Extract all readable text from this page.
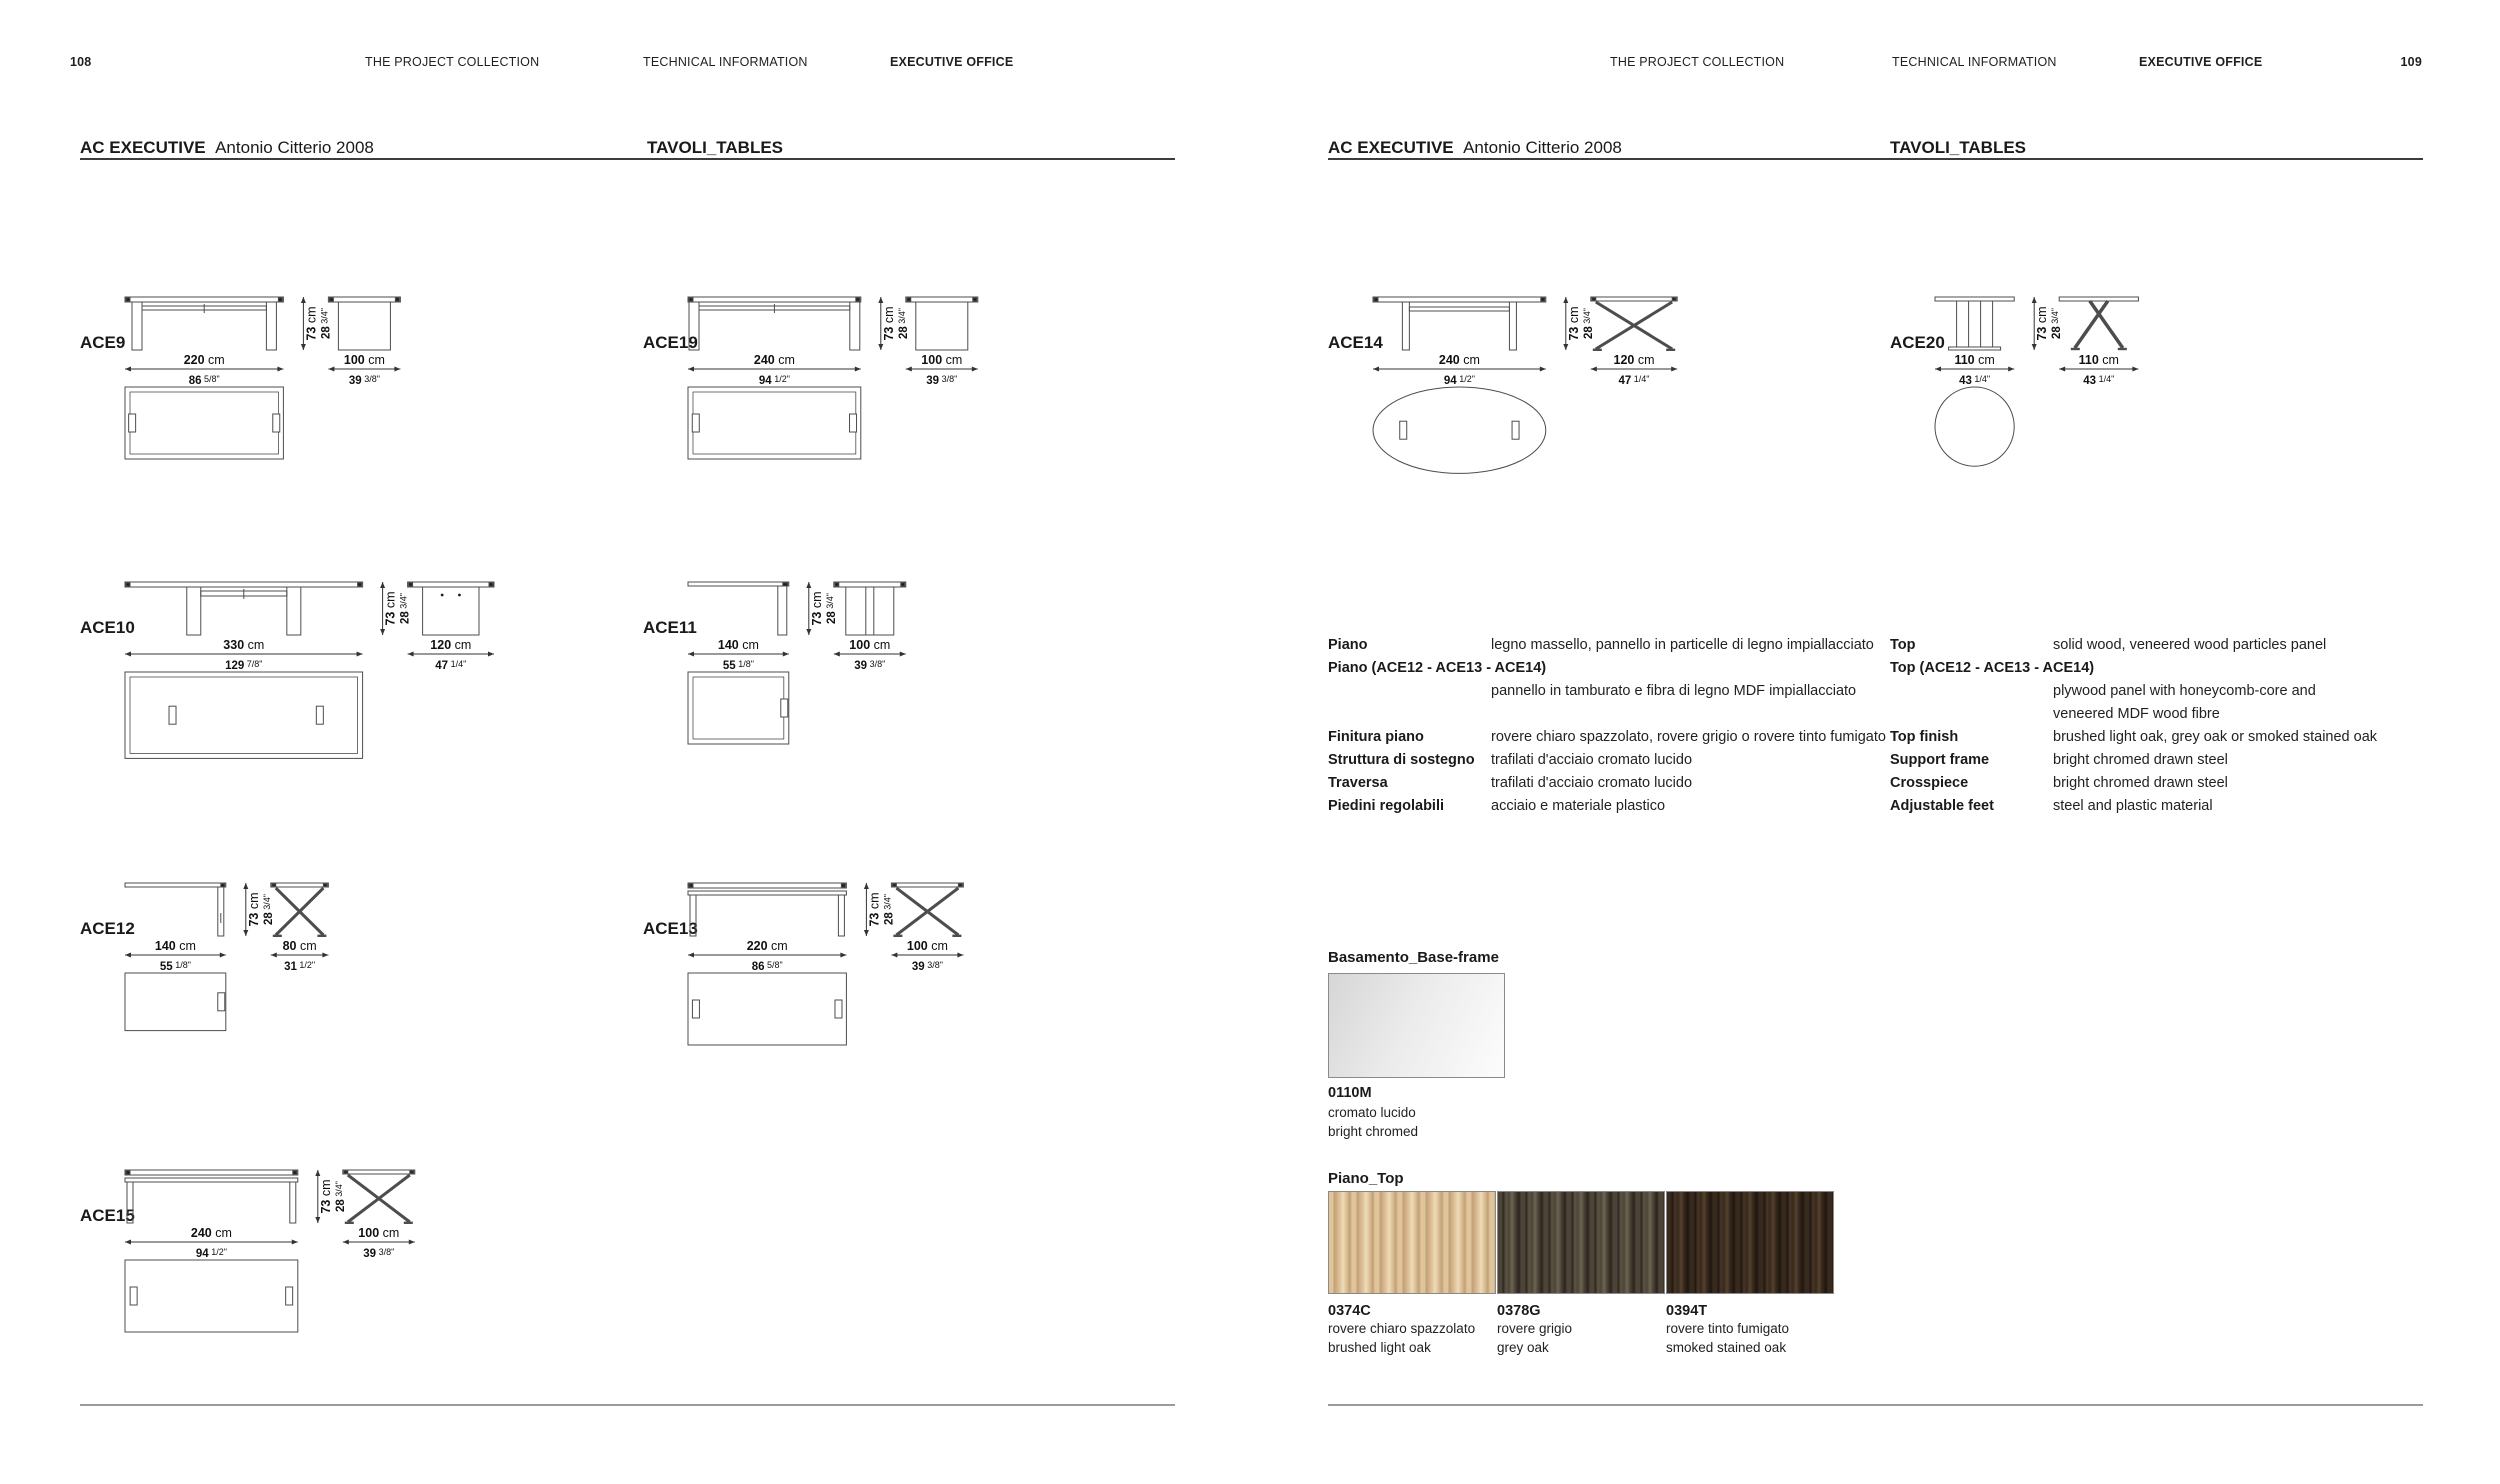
108	THE PROJECT COLLECTION	TECHNICAL INFORMATION	EXECUTIVE OFFICE	THE PROJECT COLLECTION	TECHNICAL INFORMATION	EXECUTIVE OFFICE	109
AC EXECUTIVE Antonio Citterio 2008	TAVOLI_TABLES	AC EXECUTIVE Antonio Citterio 2008	TAVOLI_TABLES
ACE9	73 cm
28 3/4"
220 cm
86 5/8"
100 cm
39 3/8"
ACE19	73 cm
28 3/4"
240 cm
94 1/2"
100 cm
39 3/8"
ACE10	73 cm
28 3/4"
330 cm
129 7/8"
120 cm
47 1/4"
ACE11	73 cm
28 3/4"
140 cm
55 1/8"
100 cm
39 3/8"
ACE12	73 cm
28 3/4"
140 cm
55 1/8"
80 cm
31 1/2"
ACE13	73 cm
28 3/4"
220 cm
86 5/8"
100 cm
39 3/8"
ACE15	73 cm
28 3/4"
240 cm
94 1/2"
100 cm
39 3/8"
ACE14	73 cm
28 3/4"
240 cm
94 1/2"
120 cm
47 1/4"
ACE20	73 cm
28 3/4"
110 cm
43 1/4"
110 cm
43 1/4"
Piano	legno massello, pannello in particelle di legno impiallacciato
Piano (ACE12 - ACE13 - ACE14)
pannello in tamburato e fibra di legno MDF impiallacciato
Finitura piano	rovere chiaro spazzolato, rovere grigio o rovere tinto fumigato
Struttura di sostegno trafilati d'acciaio cromato lucido
Traversa	trafilati d'acciaio cromato lucido
Piedini regolabili	acciaio e materiale plastico
Top	solid wood, veneered wood particles panel
Top (ACE12 - ACE13 - ACE14)
plywood panel with honeycomb-core and
veneered MDF wood fibre
Top finish	brushed light oak, grey oak or smoked stained oak
Support frame	bright chromed drawn steel
Crosspiece	bright chromed drawn steel
Adjustable feet	steel and plastic material
Basamento_Base-frame
0110M
cromato lucido
bright chromed
Piano_Top
0374C
rovere chiaro spazzolato
brushed light oak
0378G
rovere grigio
grey oak
0394T
rovere tinto fumigato
smoked stained oak
